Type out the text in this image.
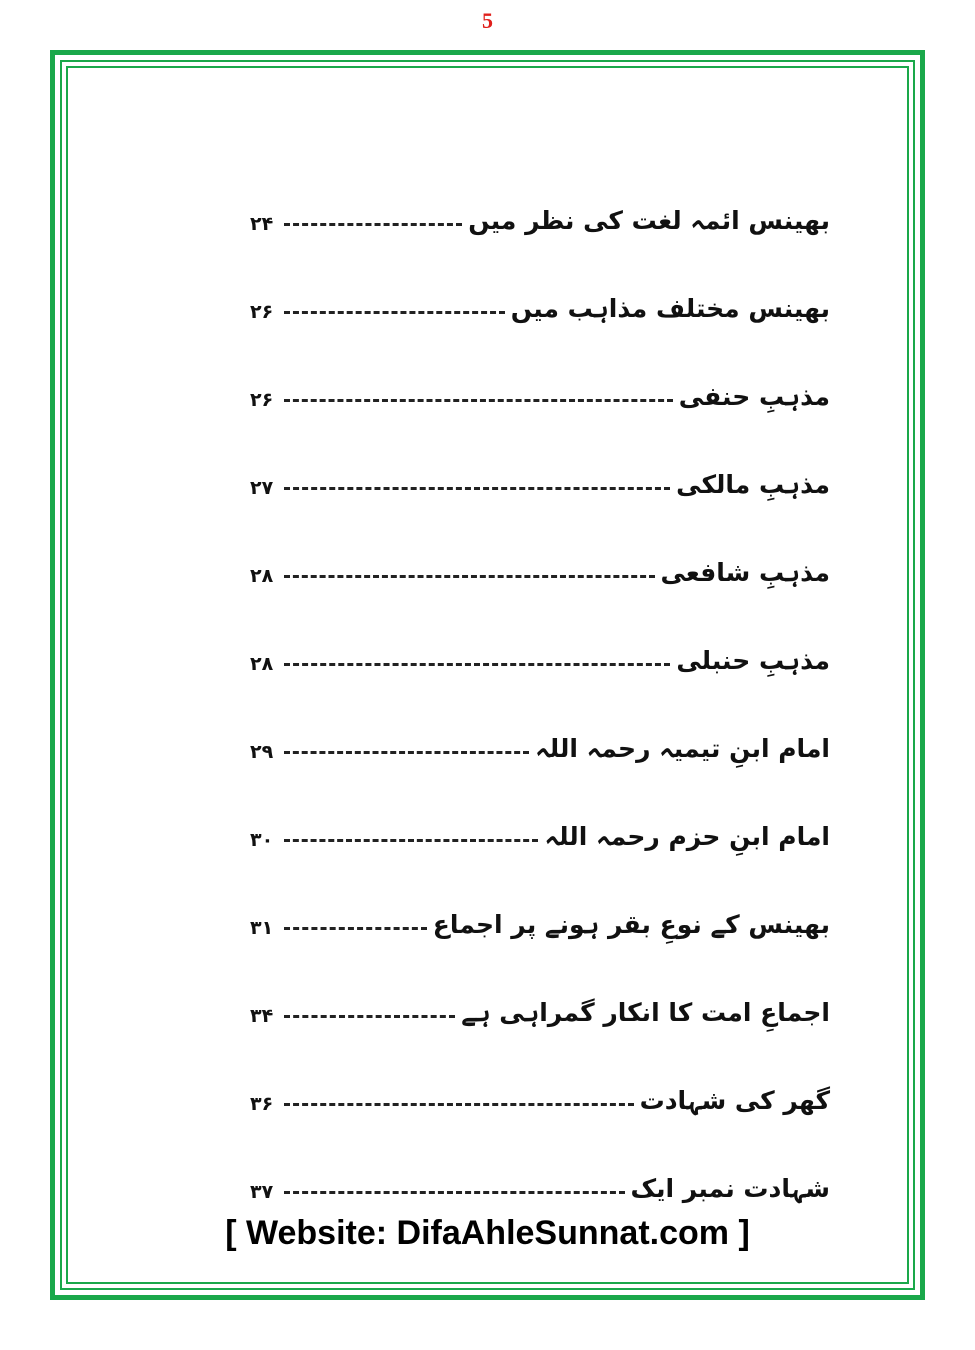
5
بھینس ائمہ لغت کی نظر میں
۲۴
بھینس مختلف مذاہب میں
۲۶
مذہبِ حنفی
۲۶
مذہبِ مالکی
۲۷
مذہبِ شافعی
۲۸
مذہبِ حنبلی
۲۸
امام ابنِ تیمیہ رحمہ اللہ
۲۹
امام ابنِ حزم رحمہ اللہ
۳۰
بھینس کے نوعِ بقر ہونے پر اجماع
۳۱
اجماعِ امت کا انکار گمراہی ہے
۳۴
گھر کی شہادت
۳۶
شہادت نمبر ایک
۳۷
[ Website: DifaAhleSunnat.com ]
